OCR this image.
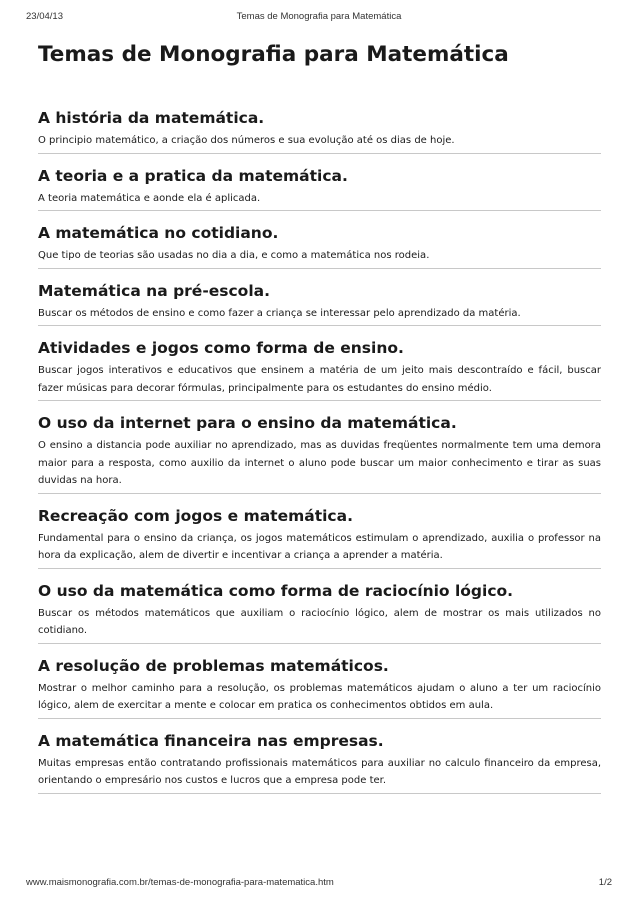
23/04/13	Temas de Monografia para Matemática
Temas de Monografia para Matemática
A história da matemática.

O principio matemático, a criação dos números e sua evolução até os dias de hoje.

A teoria e a pratica da matemática.

A teoria matemática e aonde ela é aplicada.

A matemática no cotidiano.

Que tipo de teorias são usadas no dia a dia, e como a matemática nos rodeia.

Matemática na pré-escola.

Buscar os métodos de ensino e como fazer a criança se interessar pelo aprendizado da matéria.

Atividades e jogos como forma de ensino.

Buscar jogos interativos e educativos que ensinem a matéria de um jeito mais descontraído e fácil, buscar fazer músicas para decorar fórmulas, principalmente para os estudantes do ensino médio.

O uso da internet para o ensino da matemática.

O ensino a distancia pode auxiliar no aprendizado, mas as duvidas freqüentes normalmente tem uma demora maior para a resposta, como auxilio da internet o aluno pode buscar um maior conhecimento e tirar as suas duvidas na hora.

Recreação com jogos e matemática.

Fundamental para o ensino da criança, os jogos matemáticos estimulam o aprendizado, auxilia o professor na hora da explicação, alem de divertir e incentivar a criança a aprender a matéria.

O uso da matemática como forma de raciocínio lógico.

Buscar os métodos matemáticos que auxiliam o raciocínio lógico, alem de mostrar os mais utilizados no cotidiano.

A resolução de problemas matemáticos.

Mostrar o melhor caminho para a resolução, os problemas matemáticos ajudam o aluno a ter um raciocínio lógico, alem de exercitar a mente e colocar em pratica os conhecimentos obtidos em aula.

A matemática financeira nas empresas.

Muitas empresas então contratando profissionais matemáticos para auxiliar no calculo financeiro da empresa, orientando o empresário nos custos e lucros que a empresa pode ter.

www.maismonografia.com.br/temas-de-monografia-para-matematica.htm	1/2
